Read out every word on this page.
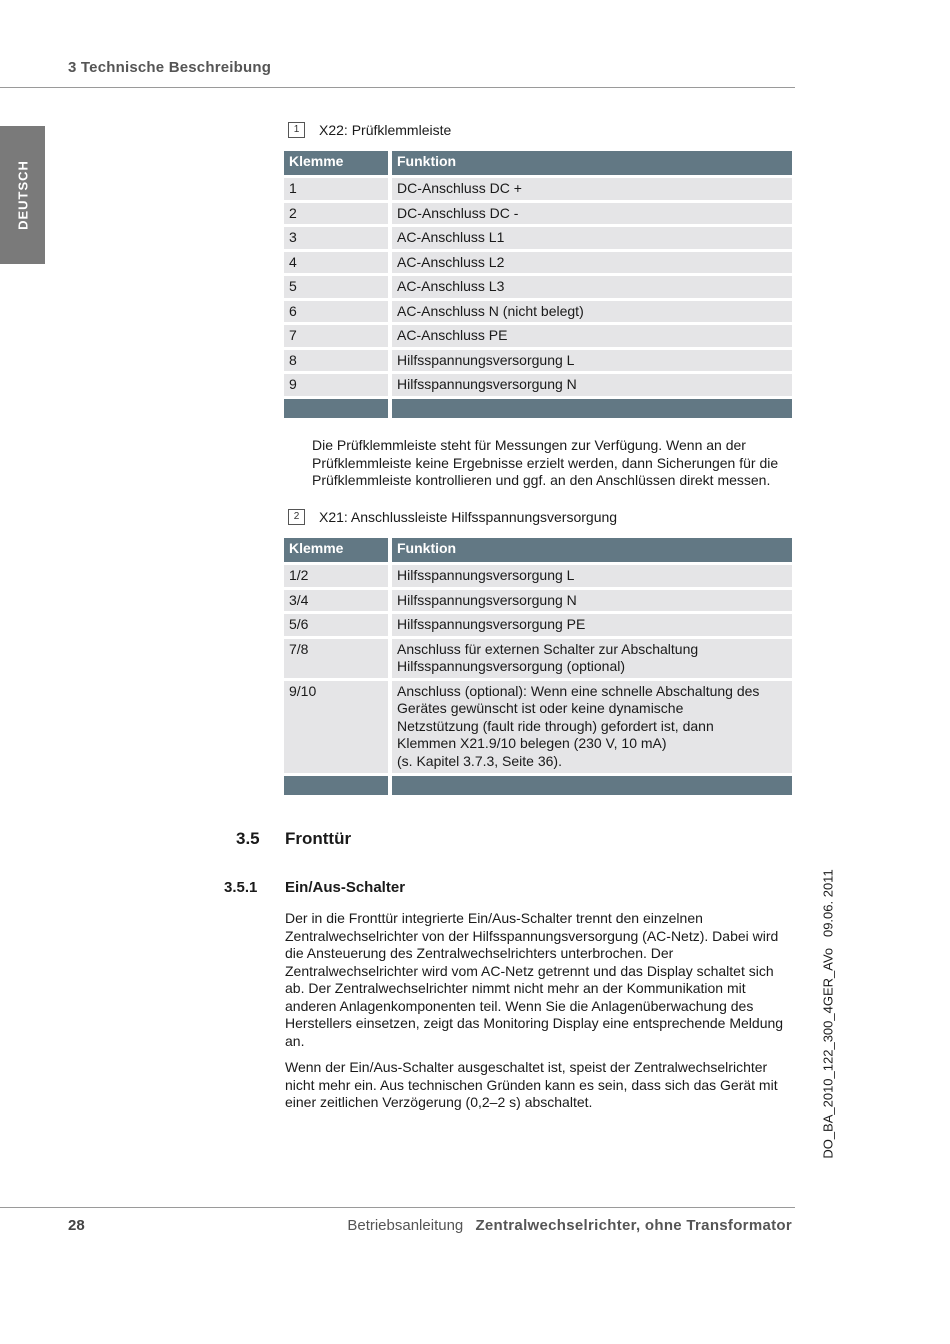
3 Technische Beschreibung
DEUTSCH
1	X22: Prüfklemmleiste
Klemme	Funktion
1	DC-Anschluss DC +
2	DC-Anschluss DC -
3	AC-Anschluss L1
4	AC-Anschluss L2
5	AC-Anschluss L3
6	AC-Anschluss N (nicht belegt)
7	AC-Anschluss PE
8	Hilfsspannungsversorgung L
9	Hilfsspannungsversorgung N

Die Prüfklemmleiste steht für Messungen zur Verfügung. Wenn an der Prüfklemmleiste keine Ergebnisse erzielt werden, dann Sicherungen für die Prüfklemmleiste kontrollieren und ggf. an den Anschlüssen direkt messen.
2	X21: Anschlussleiste Hilfsspannungsversorgung
Klemme	Funktion
1/2	Hilfsspannungsversorgung L
3/4	Hilfsspannungsversorgung N
5/6	Hilfsspannungsversorgung PE
7/8	Anschluss für externen Schalter zur Abschaltung
Hilfsspannungsversorgung (optional)
9/10	Anschluss (optional): Wenn eine schnelle Abschaltung des
Gerätes gewünscht ist oder keine dynamische
Netzstützung (fault ride through) gefordert ist, dann
Klemmen X21.9/10 belegen (230 V, 10 mA)
(s. Kapitel 3.7.3, Seite 36).

3.5 Fronttür
3.5.1 Ein/Aus-Schalter
Der in die Fronttür integrierte Ein/Aus-Schalter trennt den einzelnen Zentralwechselrichter von der Hilfsspannungsversorgung (AC-Netz). Dabei wird die Ansteuerung des Zentralwechselrichters unterbrochen. Der Zentralwechselrichter wird vom AC-Netz getrennt und das Display schaltet sich ab. Der Zentralwechselrichter nimmt nicht mehr an der Kommunikation mit anderen Anlagenkomponenten teil. Wenn Sie die Anlagenüberwachung des Herstellers einsetzen, zeigt das Monitoring Display eine entsprechende Meldung an.
Wenn der Ein/Aus-Schalter ausgeschaltet ist, speist der Zentralwechselrichter nicht mehr ein. Aus technischen Gründen kann es sein, dass sich das Gerät mit einer zeitlichen Verzögerung (0,2–2 s) abschaltet.	DO_BA_2010_122_300_4GER_AVo   09.06. 2011
28	Betriebsanleitung Zentralwechselrichter, ohne Transformator
